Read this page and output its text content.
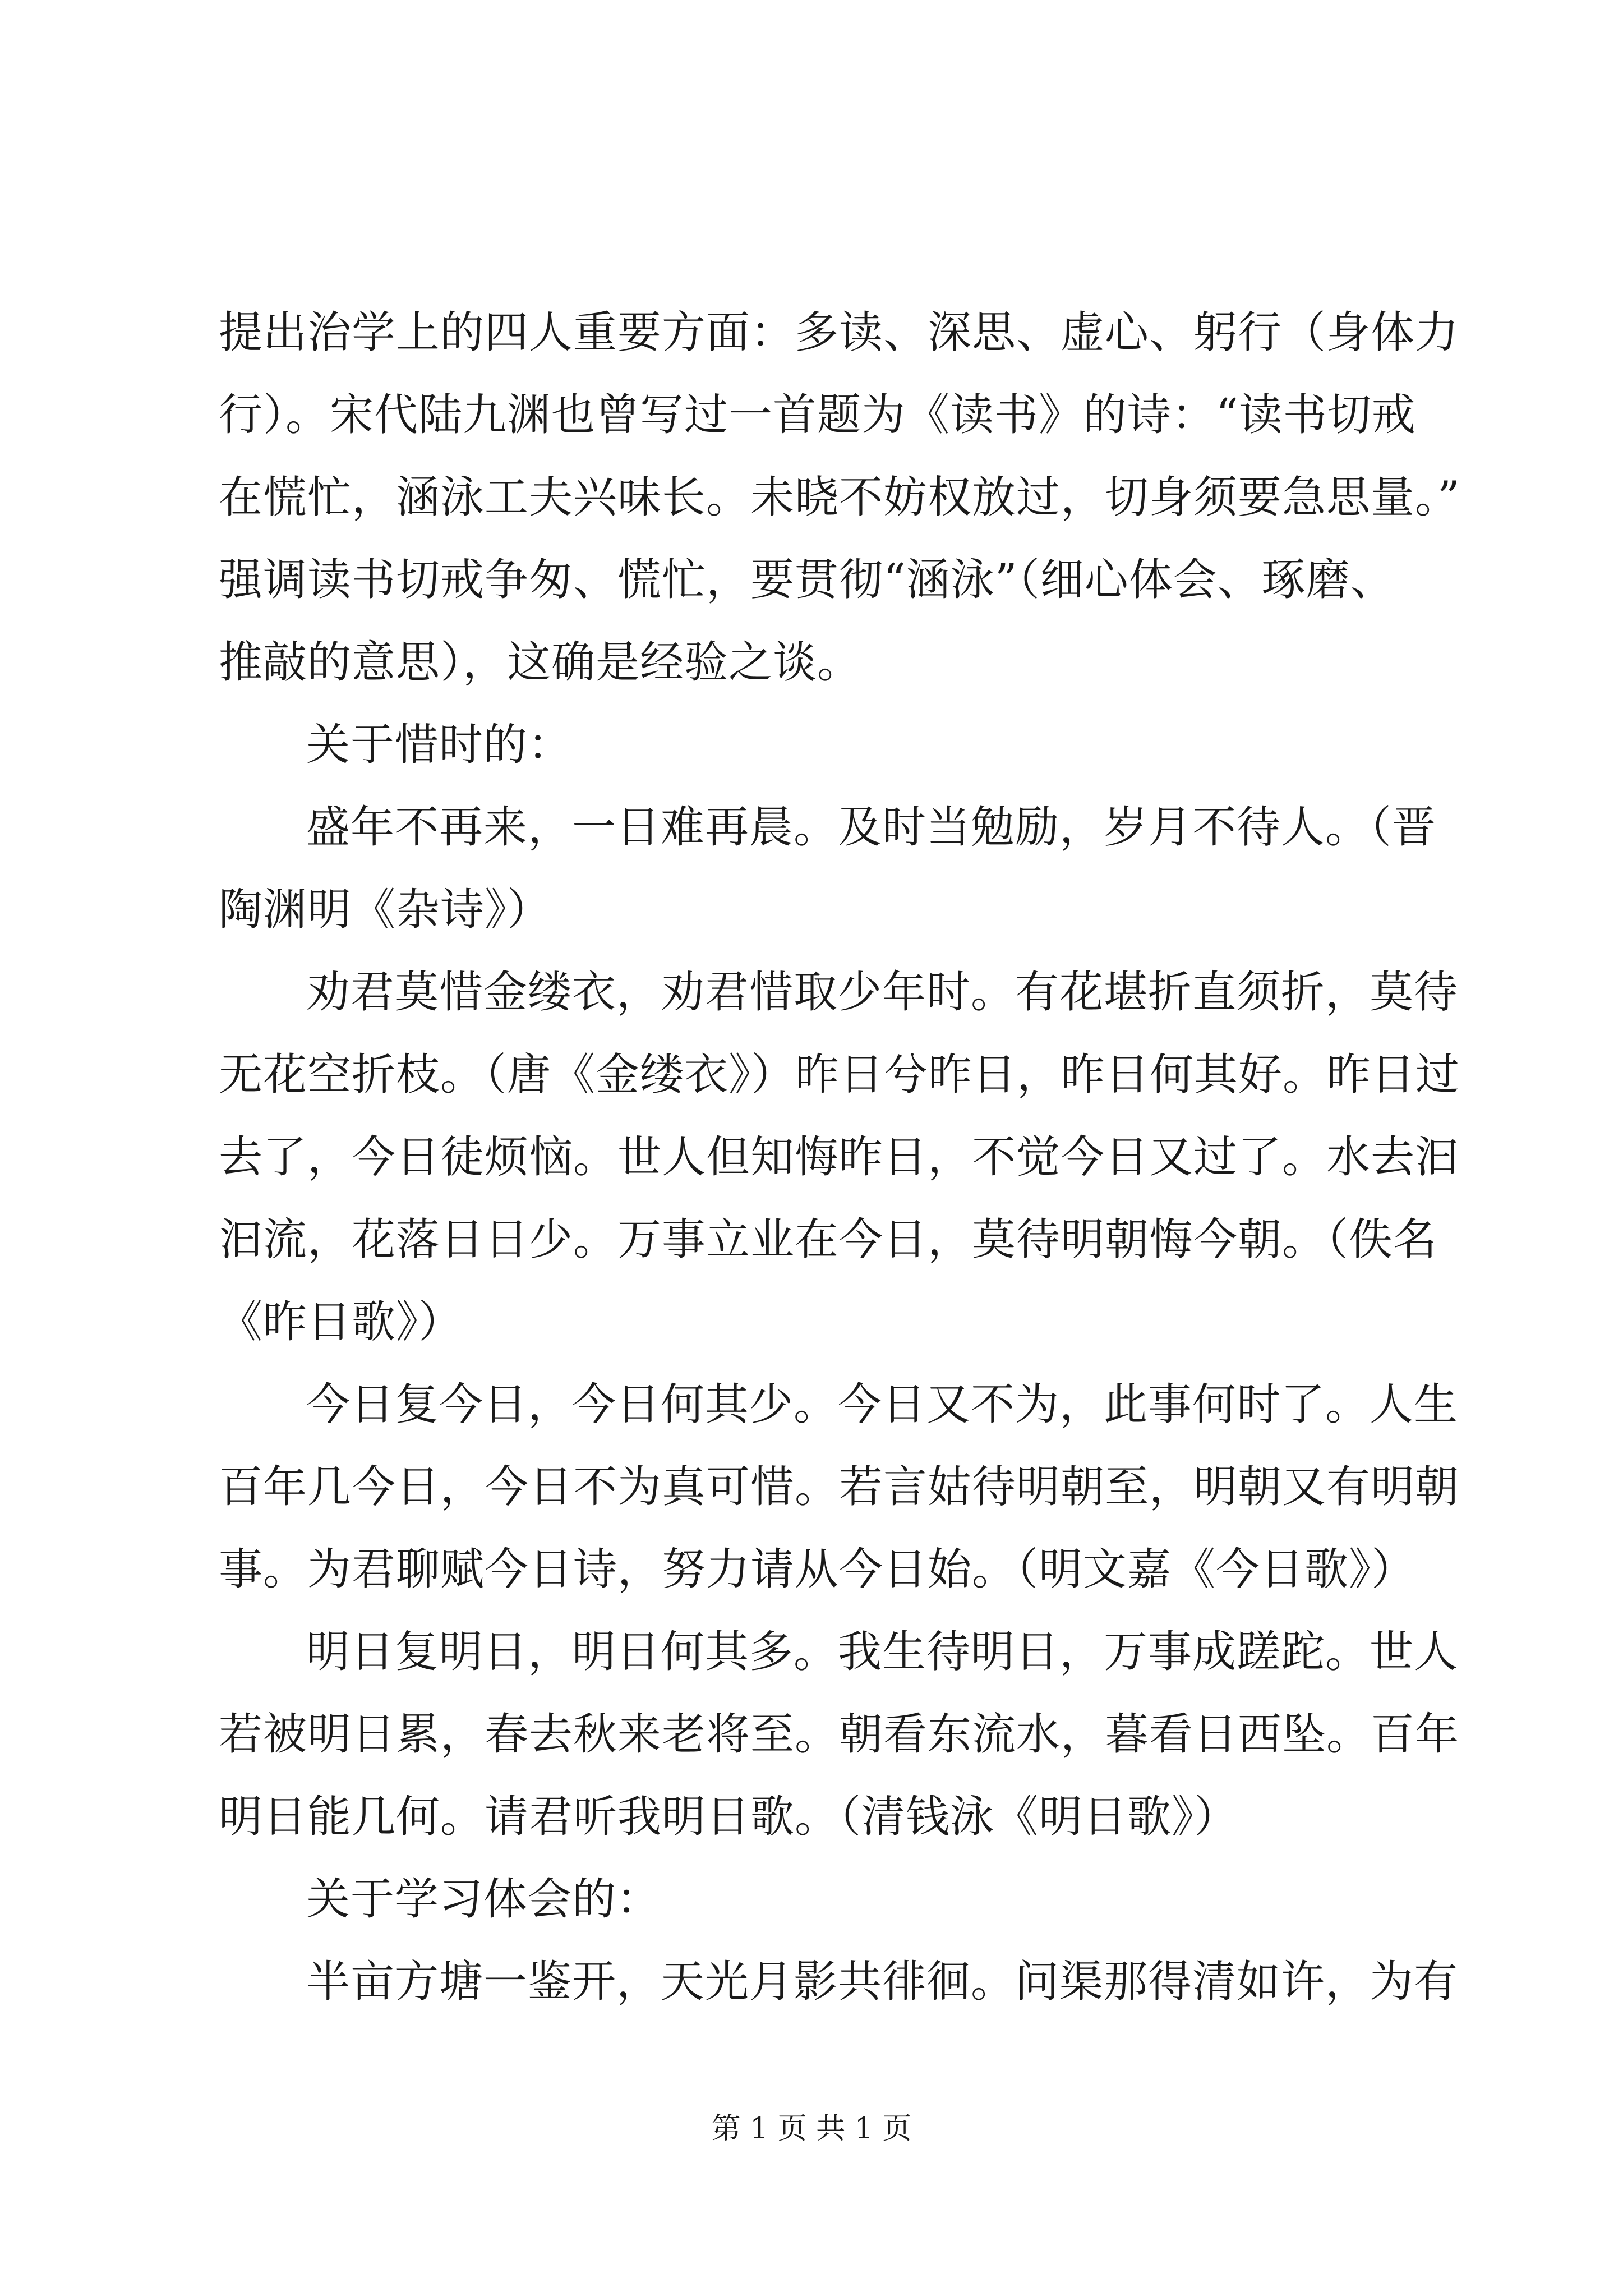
提出治学上的四人重要方面：多读、深思、虚心、躬行（身体力
行）。宋代陆九渊也曾写过一首题为《读书》的诗：“读书切戒
在慌忙，涵泳工夫兴味长。未晓不妨权放过，切身须要急思量。”
强调读书切戒争匆、慌忙，要贯彻“涵泳”（细心体会、琢磨、
推敲的意思），这确是经验之谈。
关于惜时的：
盛年不再来，一日难再晨。及时当勉励，岁月不待人。（晋
陶渊明《杂诗》）
劝君莫惜金缕衣，劝君惜取少年时。有花堪折直须折，莫待
无花空折枝。（唐《金缕衣》）昨日兮昨日，昨日何其好。昨日过
去了，今日徒烦恼。世人但知悔昨日，不觉今日又过了。水去汩
汩流，花落日日少。万事立业在今日，莫待明朝悔今朝。（佚名
《昨日歌》）
今日复今日，今日何其少。今日又不为，此事何时了。人生
百年几今日，今日不为真可惜。若言姑待明朝至，明朝又有明朝
事。为君聊赋今日诗，努力请从今日始。（明文嘉《今日歌》）
明日复明日，明日何其多。我生待明日，万事成蹉跎。世人
若被明日累，春去秋来老将至。朝看东流水，暮看日西坠。百年
明日能几何。请君听我明日歌。（清钱泳《明日歌》）
关于学习体会的：
半亩方塘一鉴开，天光月影共徘徊。问渠那得清如许，为有
第 1 页 共 1 页
